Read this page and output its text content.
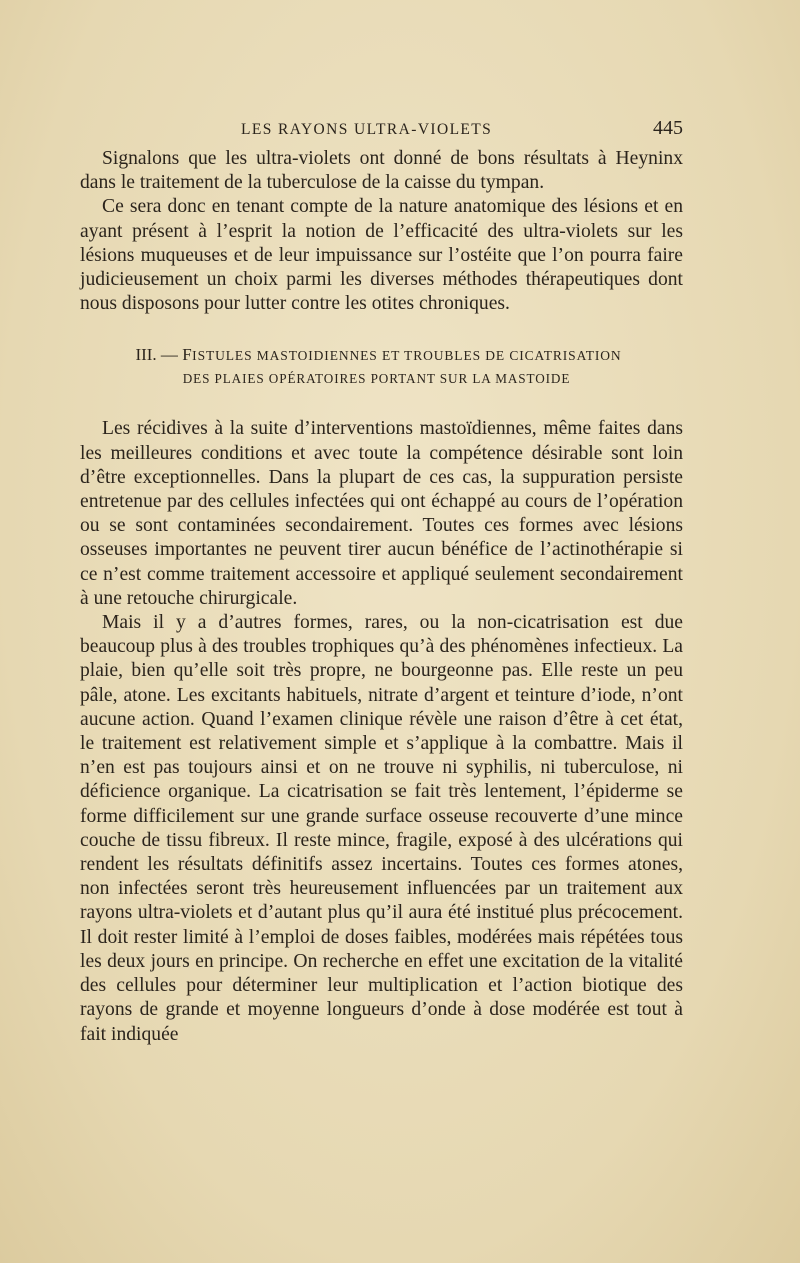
LES RAYONS ULTRA-VIOLETS	445

Signalons que les ultra-violets ont donné de bons résultats à Heyninx dans le traitement de la tuberculose de la caisse du tympan.

Ce sera donc en tenant compte de la nature anatomique des lésions et en ayant présent à l’esprit la notion de l’efficacité des ultra-violets sur les lésions muqueuses et de leur impuissance sur l’ostéite que l’on pourra faire judicieusement un choix parmi les diverses méthodes thérapeutiques dont nous disposons pour lutter contre les otites chroniques.

III. — FISTULES MASTOIDIENNES ET TROUBLES DE CICATRISATION
DES PLAIES OPÉRATOIRES PORTANT SUR LA MASTOIDE

Les récidives à la suite d’interventions mastoïdiennes, même faites dans les meilleures conditions et avec toute la compétence désirable sont loin d’être exceptionnelles. Dans la plupart de ces cas, la suppuration persiste entretenue par des cellules infectées qui ont échappé au cours de l’opération ou se sont contaminées secondairement. Toutes ces formes avec lésions osseuses importantes ne peuvent tirer aucun bénéfice de l’actinothérapie si ce n’est comme traitement accessoire et appliqué seulement secondairement à une retouche chirurgicale.

Mais il y a d’autres formes, rares, ou la non-cicatrisation est due beaucoup plus à des troubles trophiques qu’à des phénomènes infectieux. La plaie, bien qu’elle soit très propre, ne bourgeonne pas. Elle reste un peu pâle, atone. Les excitants habituels, nitrate d’argent et teinture d’iode, n’ont aucune action. Quand l’examen clinique révèle une raison d’être à cet état, le traitement est relativement simple et s’applique à la combattre. Mais il n’en est pas toujours ainsi et on ne trouve ni syphilis, ni tuberculose, ni déficience organique. La cicatrisation se fait très lentement, l’épiderme se forme difficilement sur une grande surface osseuse recouverte d’une mince couche de tissu fibreux. Il reste mince, fragile, exposé à des ulcérations qui rendent les résultats définitifs assez incertains. Toutes ces formes atones, non infectées seront très heureusement influencées par un traitement aux rayons ultra-violets et d’autant plus qu’il aura été institué plus précocement. Il doit rester limité à l’emploi de doses faibles, modérées mais répétées tous les deux jours en principe. On recherche en effet une excitation de la vitalité des cellules pour déterminer leur multiplication et l’action biotique des rayons de grande et moyenne longueurs d’onde à dose modérée est tout à fait indiquée
